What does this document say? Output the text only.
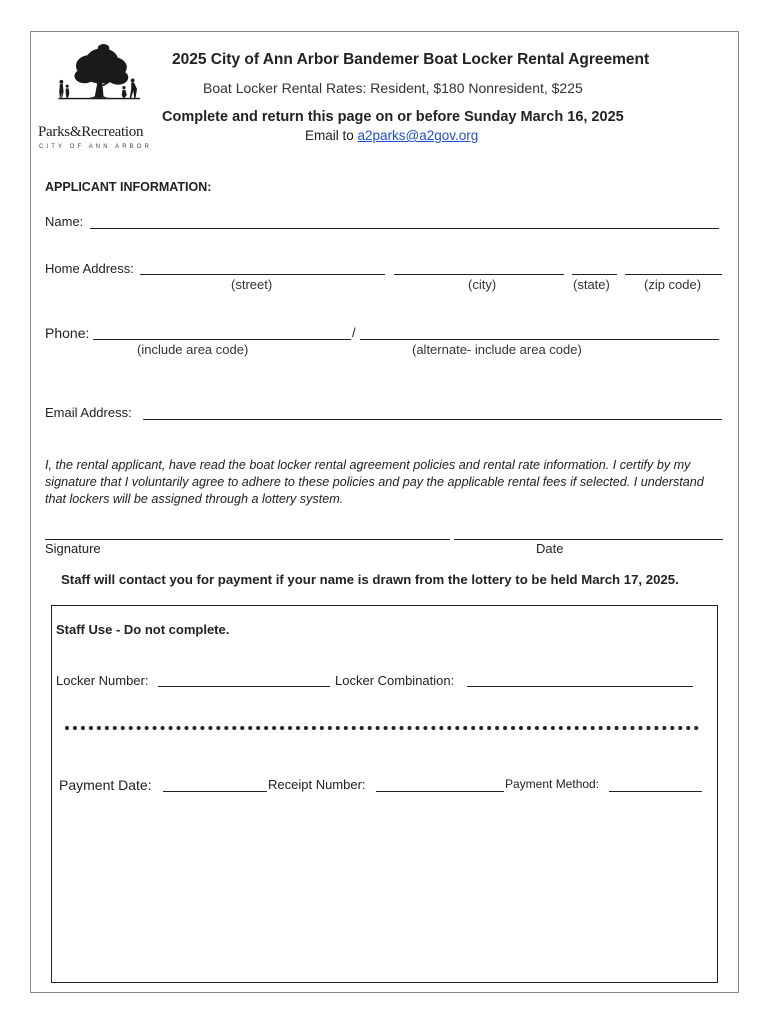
Parks&Recreation
CITY OF ANN ARBOR
2025 City of Ann Arbor Bandemer Boat Locker Rental Agreement
Boat Locker Rental Rates: Resident, $180 Nonresident, $225
Complete and return this page on or before Sunday March 16, 2025
Email to a2parks@a2gov.org
APPLICANT INFORMATION:
Name:
Home Address:
(street)	(city)	(state)	(zip code)
Phone:	/
(include area code)	(alternate- include area code)
Email Address:
I, the rental applicant, have read the boat locker rental agreement policies and rental rate information. I certify by my signature that I voluntarily agree to adhere to these policies and pay the applicable rental fees if selected. I understand that lockers will be assigned through a lottery system.
Signature	Date
Staff will contact you for payment if your name is drawn from the lottery to be held March 17, 2025.
Staff Use - Do not complete.
Locker Number:	Locker Combination:
Payment Date:	Receipt Number:	Payment Method:
